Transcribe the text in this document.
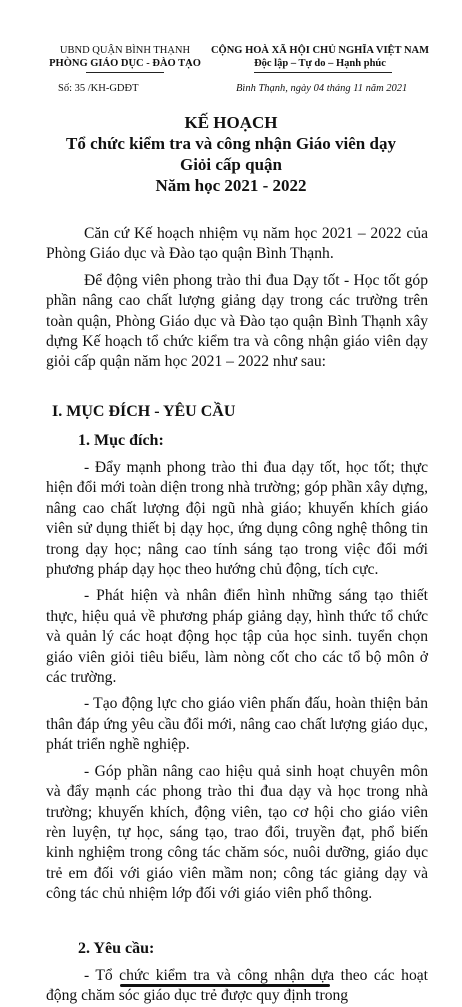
UBND QUẬN BÌNH THẠNH
PHÒNG GIÁO DỤC - ĐÀO TẠO
CỘNG HOÀ XÃ HỘI CHỦ NGHĨA VIỆT NAM
Độc lập – Tự do – Hạnh phúc
Số: 35 /KH-GDĐT	Bình Thạnh, ngày 04 tháng 11 năm 2021
KẾ HOẠCH
Tổ chức kiểm tra và công nhận Giáo viên dạy
Giỏi cấp quận
Năm học 2021 - 2022

Căn cứ Kế hoạch nhiệm vụ năm học 2021 – 2022 của Phòng Giáo dục và Đào tạo quận Bình Thạnh.

Để động viên phong trào thi đua Dạy tốt - Học tốt góp phần nâng cao chất lượng giảng dạy trong các trường trên toàn quận, Phòng Giáo dục và Đào tạo quận Bình Thạnh xây dựng Kế hoạch tổ chức kiểm tra và công nhận giáo viên dạy giỏi cấp quận năm học 2021 – 2022 như sau:

I. MỤC ĐÍCH - YÊU CẦU
1. Mục đích:

- Đẩy mạnh phong trào thi đua dạy tốt, học tốt; thực hiện đổi mới toàn diện trong nhà trường; góp phần xây dựng, nâng cao chất lượng đội ngũ nhà giáo; khuyến khích giáo viên sử dụng thiết bị dạy học, ứng dụng công nghệ thông tin trong dạy học; nâng cao tính sáng tạo trong việc đổi mới phương pháp dạy học theo hướng chủ động, tích cực.

- Phát hiện và nhân điển hình những sáng tạo thiết thực, hiệu quả về phương pháp giảng dạy, hình thức tổ chức và quản lý các hoạt động học tập của học sinh. tuyển chọn giáo viên giỏi tiêu biểu, làm nòng cốt cho các tổ bộ môn ở các trường.

- Tạo động lực cho giáo viên phấn đấu, hoàn thiện bản thân đáp ứng yêu cầu đổi mới, nâng cao chất lượng giáo dục, phát triển nghề nghiệp.

- Góp phần nâng cao hiệu quả sinh hoạt chuyên môn và đẩy mạnh các phong trào thi đua dạy và học trong nhà trường; khuyến khích, động viên, tạo cơ hội cho giáo viên rèn luyện, tự học, sáng tạo, trao đổi, truyền đạt, phổ biến kinh nghiệm trong công tác chăm sóc, nuôi dưỡng, giáo dục trẻ em đối với giáo viên mầm non; công tác giảng dạy và công tác chủ nhiệm lớp đối với giáo viên phổ thông.

2. Yêu cầu:

- Tổ chức kiểm tra và công nhận dựa theo các hoạt động chăm sóc giáo dục trẻ được quy định trong
